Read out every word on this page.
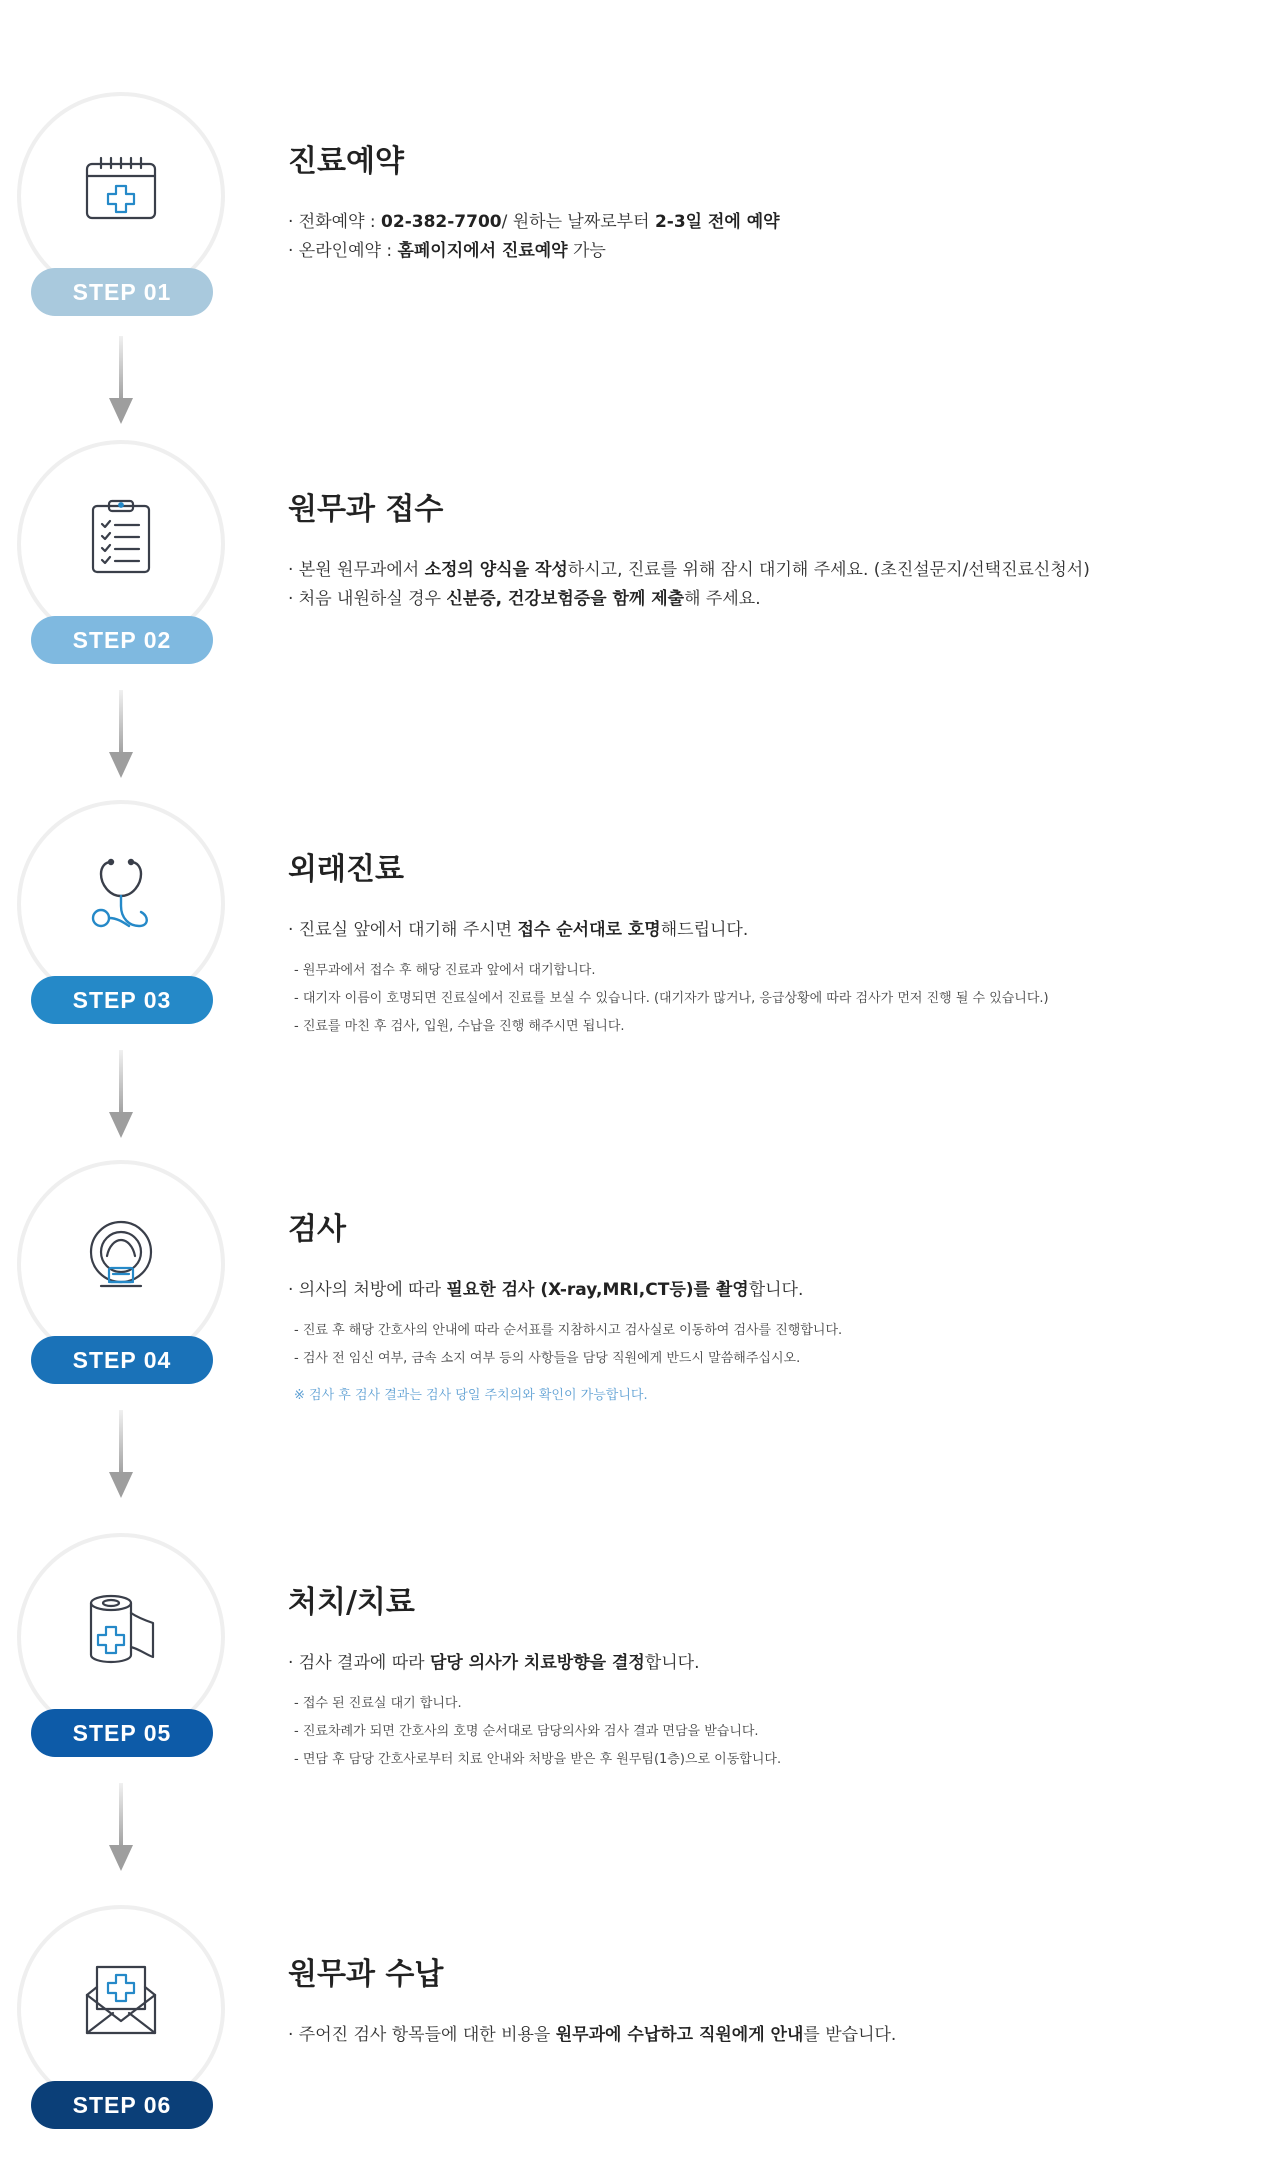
STEP 01
진료예약
· 전화예약 : 02-382-7700/ 원하는 날짜로부터 2-3일 전에 예약
· 온라인예약 : 홈페이지에서 진료예약 가능
STEP 02
원무과 접수
· 본원 원무과에서 소정의 양식을 작성하시고, 진료를 위해 잠시 대기해 주세요. (초진설문지/선택진료신청서)
· 처음 내원하실 경우 신분증, 건강보험증을 함께 제출해 주세요.
STEP 03
외래진료
· 진료실 앞에서 대기해 주시면 접수 순서대로 호명해드립니다.
- 원무과에서 접수 후 해당 진료과 앞에서 대기합니다.
- 대기자 이름이 호명되면 진료실에서 진료를 보실 수 있습니다. (대기자가 많거나, 응급상황에 따라 검사가 먼저 진행 될 수 있습니다.)
- 진료를 마친 후 검사, 입원, 수납을 진행 해주시면 됩니다.
STEP 04
검사
· 의사의 처방에 따라 필요한 검사 (X-ray,MRI,CT등)를 촬영합니다.
- 진료 후 해당 간호사의 안내에 따라 순서표를 지참하시고 검사실로 이동하여 검사를 진행합니다.
- 검사 전 임신 여부, 금속 소지 여부 등의 사항들을 담당 직원에게 반드시 말씀해주십시오.
※ 검사 후 검사 결과는 검사 당일 주치의와 확인이 가능합니다.
STEP 05
처치/치료
· 검사 결과에 따라 담당 의사가 치료방향을 결정합니다.
- 접수 된 진료실 대기 합니다.
- 진료차례가 되면 간호사의 호명 순서대로 담당의사와 검사 결과 면담을 받습니다.
- 면담 후 담당 간호사로부터 치료 안내와 처방을 받은 후 원무팀(1층)으로 이동합니다.
STEP 06
원무과 수납
· 주어진 검사 항목들에 대한 비용을 원무과에 수납하고 직원에게 안내를 받습니다.
